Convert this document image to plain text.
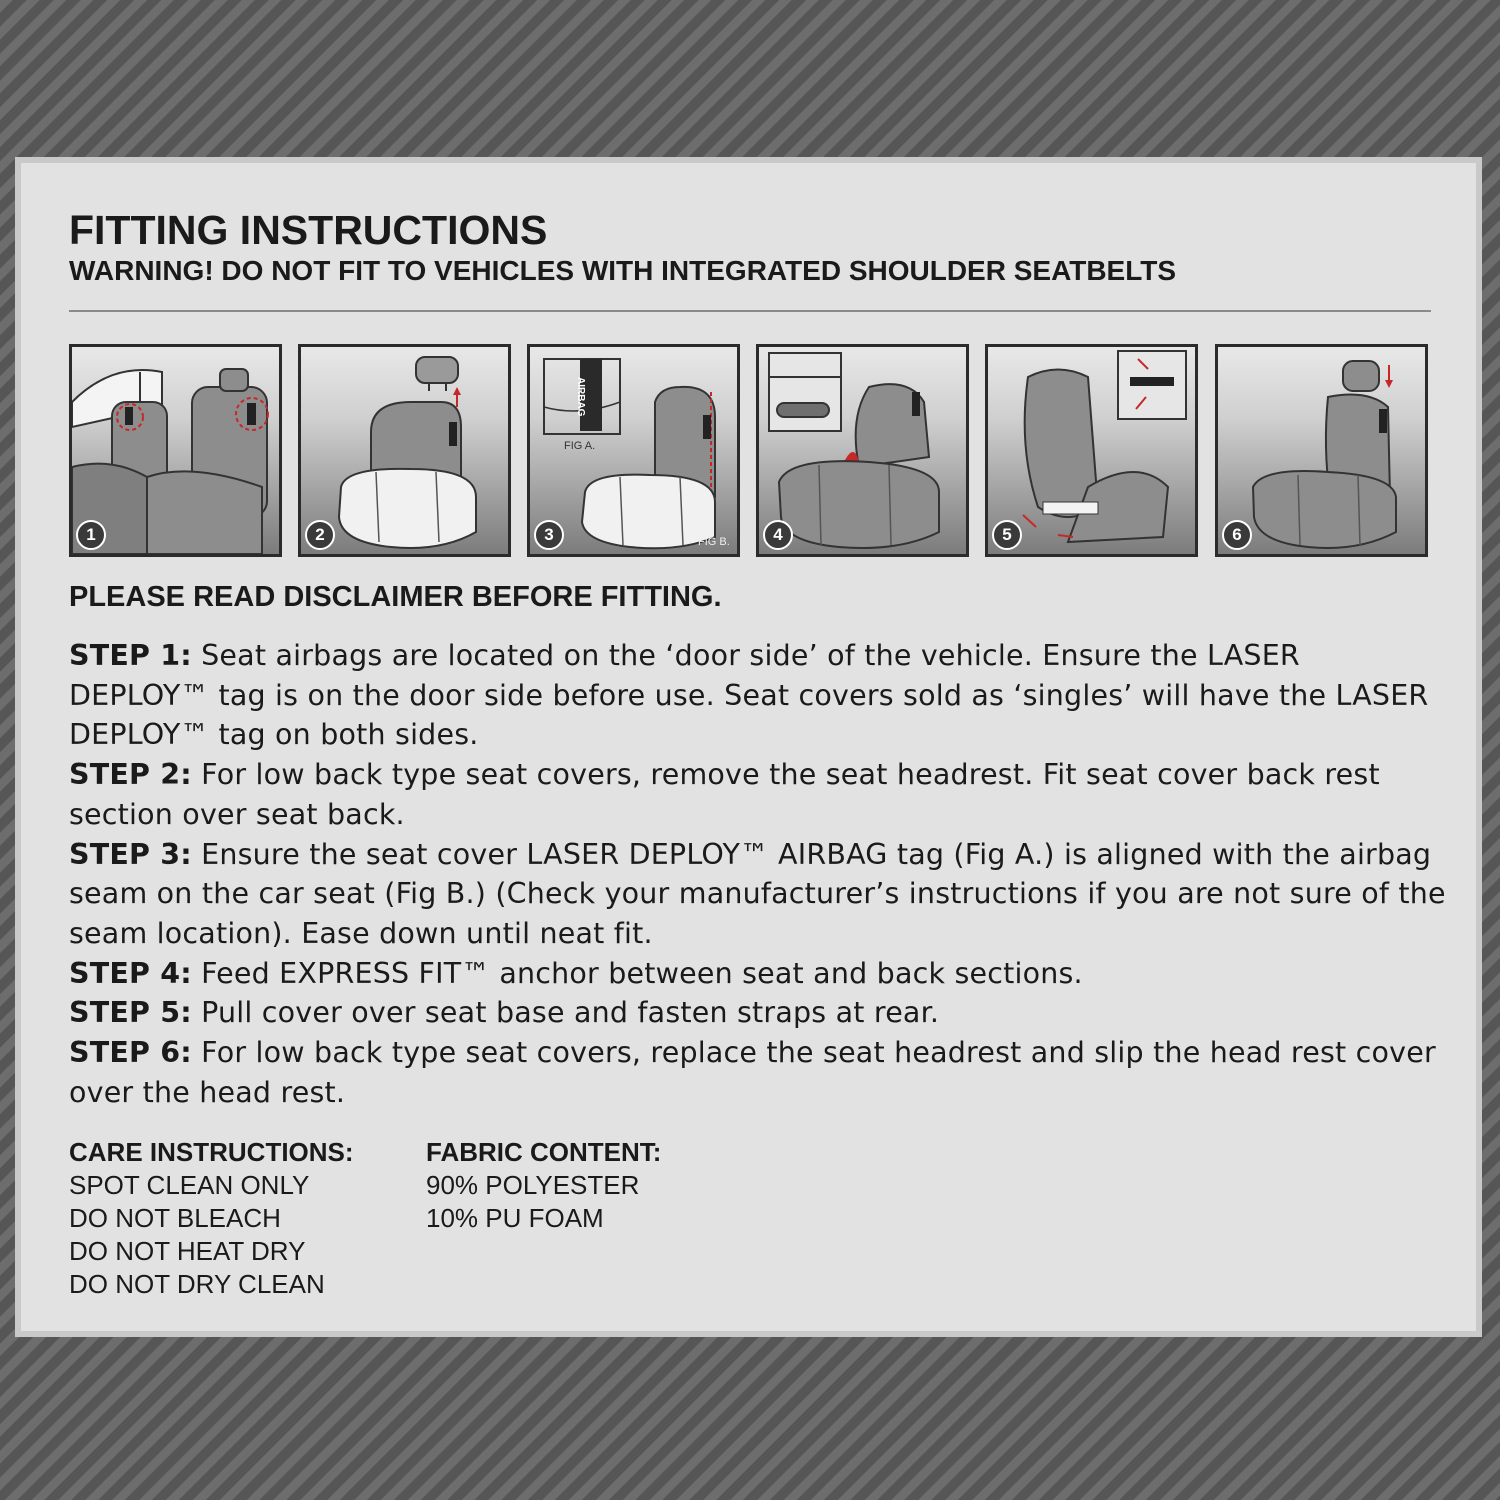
FITTING INSTRUCTIONS
WARNING! DO NOT FIT TO VEHICLES WITH INTEGRATED SHOULDER SEATBELTS
1	2
AIRBAG
FIG A.
FIG B.
3	4	5	6
PLEASE READ DISCLAIMER BEFORE FITTING.

STEP 1: Seat airbags are located on the ‘door side’ of the vehicle. Ensure the LASER DEPLOY™ tag is on the door side before use. Seat covers sold as ‘singles’ will have the LASER DEPLOY™ tag on both sides.

STEP 2: For low back type seat covers, remove the seat headrest. Fit seat cover back rest section over seat back.

STEP 3: Ensure the seat cover LASER DEPLOY™ AIRBAG tag (Fig A.) is aligned with the airbag seam on the car seat (Fig B.) (Check your manufacturer’s instructions if you are not sure of the seam location). Ease down until neat fit.

STEP 4: Feed EXPRESS FIT™ anchor between seat and back sections.

STEP 5: Pull cover over seat base and fasten straps at rear.

STEP 6: For low back type seat covers, replace the seat headrest and slip the head rest cover over the head rest.

CARE INSTRUCTIONS:
SPOT CLEAN ONLY
DO NOT BLEACH
DO NOT HEAT DRY
DO NOT DRY CLEAN
FABRIC CONTENT:
90% POLYESTER
10% PU FOAM
